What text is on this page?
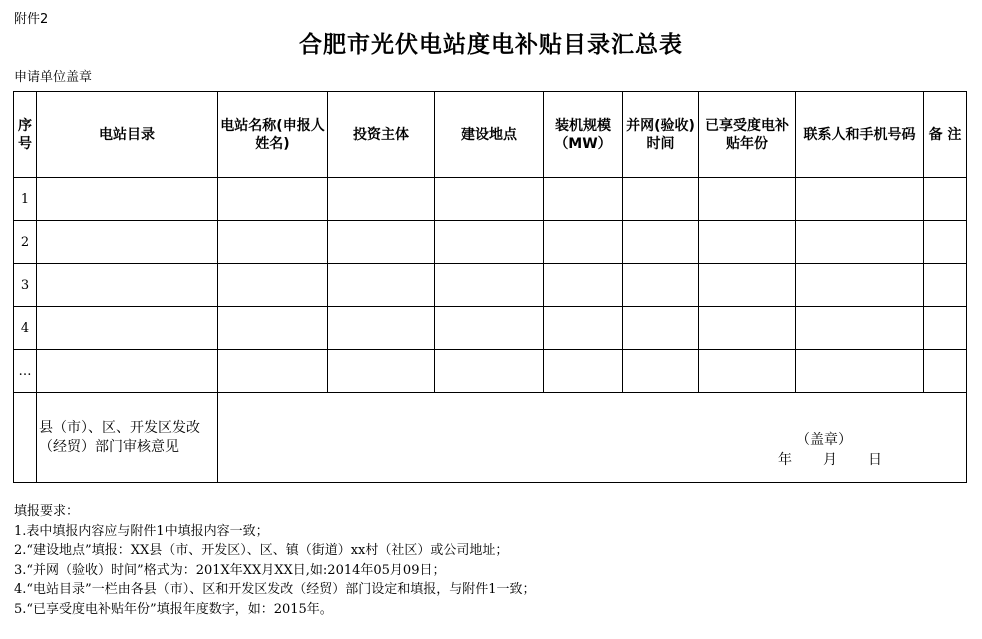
附件2
合肥市光伏电站度电补贴目录汇总表
申请单位盖章
序号	电站目录	电站名称(申报人姓名)	投资主体	建设地点	装机规模（MW）	并网(验收)时间	已享受度电补贴年份	联系人和手机号码	备 注
1									
2									
3									
4									
…									
	县（市）、区、开发区发改（经贸）部门审核意见	（盖章）
年　　月　　日							
填报要求：
1.表中填报内容应与附件1中填报内容一致；
2.“建设地点”填报：XX县（市、开发区）、区、镇（街道）xx村（社区）或公司地址；
3.“并网（验收）时间”格式为：201X年XX月XX日,如:2014年05月09日；
4.“电站目录”一栏由各县（市）、区和开发区发改（经贸）部门设定和填报，与附件1一致；
5.“已享受度电补贴年份”填报年度数字，如：2015年。
